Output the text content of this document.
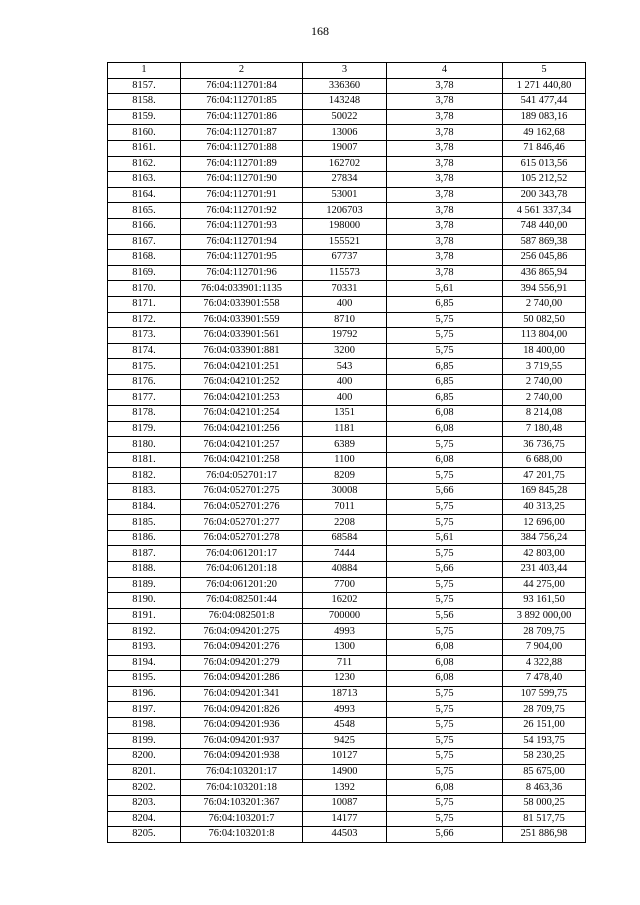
168
1	2	3	4	5
8157.	76:04:112701:84	336360	3,78	1 271 440,80
8158.	76:04:112701:85	143248	3,78	541 477,44
8159.	76:04:112701:86	50022	3,78	189 083,16
8160.	76:04:112701:87	13006	3,78	49 162,68
8161.	76:04:112701:88	19007	3,78	71 846,46
8162.	76:04:112701:89	162702	3,78	615 013,56
8163.	76:04:112701:90	27834	3,78	105 212,52
8164.	76:04:112701:91	53001	3,78	200 343,78
8165.	76:04:112701:92	1206703	3,78	4 561 337,34
8166.	76:04:112701:93	198000	3,78	748 440,00
8167.	76:04:112701:94	155521	3,78	587 869,38
8168.	76:04:112701:95	67737	3,78	256 045,86
8169.	76:04:112701:96	115573	3,78	436 865,94
8170.	76:04:033901:1135	70331	5,61	394 556,91
8171.	76:04:033901:558	400	6,85	2 740,00
8172.	76:04:033901:559	8710	5,75	50 082,50
8173.	76:04:033901:561	19792	5,75	113 804,00
8174.	76:04:033901:881	3200	5,75	18 400,00
8175.	76:04:042101:251	543	6,85	3 719,55
8176.	76:04:042101:252	400	6,85	2 740,00
8177.	76:04:042101:253	400	6,85	2 740,00
8178.	76:04:042101:254	1351	6,08	8 214,08
8179.	76:04:042101:256	1181	6,08	7 180,48
8180.	76:04:042101:257	6389	5,75	36 736,75
8181.	76:04:042101:258	1100	6,08	6 688,00
8182.	76:04:052701:17	8209	5,75	47 201,75
8183.	76:04:052701:275	30008	5,66	169 845,28
8184.	76:04:052701:276	7011	5,75	40 313,25
8185.	76:04:052701:277	2208	5,75	12 696,00
8186.	76:04:052701:278	68584	5,61	384 756,24
8187.	76:04:061201:17	7444	5,75	42 803,00
8188.	76:04:061201:18	40884	5,66	231 403,44
8189.	76:04:061201:20	7700	5,75	44 275,00
8190.	76:04:082501:44	16202	5,75	93 161,50
8191.	76:04:082501:8	700000	5,56	3 892 000,00
8192.	76:04:094201:275	4993	5,75	28 709,75
8193.	76:04:094201:276	1300	6,08	7 904,00
8194.	76:04:094201:279	711	6,08	4 322,88
8195.	76:04:094201:286	1230	6,08	7 478,40
8196.	76:04:094201:341	18713	5,75	107 599,75
8197.	76:04:094201:826	4993	5,75	28 709,75
8198.	76:04:094201:936	4548	5,75	26 151,00
8199.	76:04:094201:937	9425	5,75	54 193,75
8200.	76:04:094201:938	10127	5,75	58 230,25
8201.	76:04:103201:17	14900	5,75	85 675,00
8202.	76:04:103201:18	1392	6,08	8 463,36
8203.	76:04:103201:367	10087	5,75	58 000,25
8204.	76:04:103201:7	14177	5,75	81 517,75
8205.	76:04:103201:8	44503	5,66	251 886,98
